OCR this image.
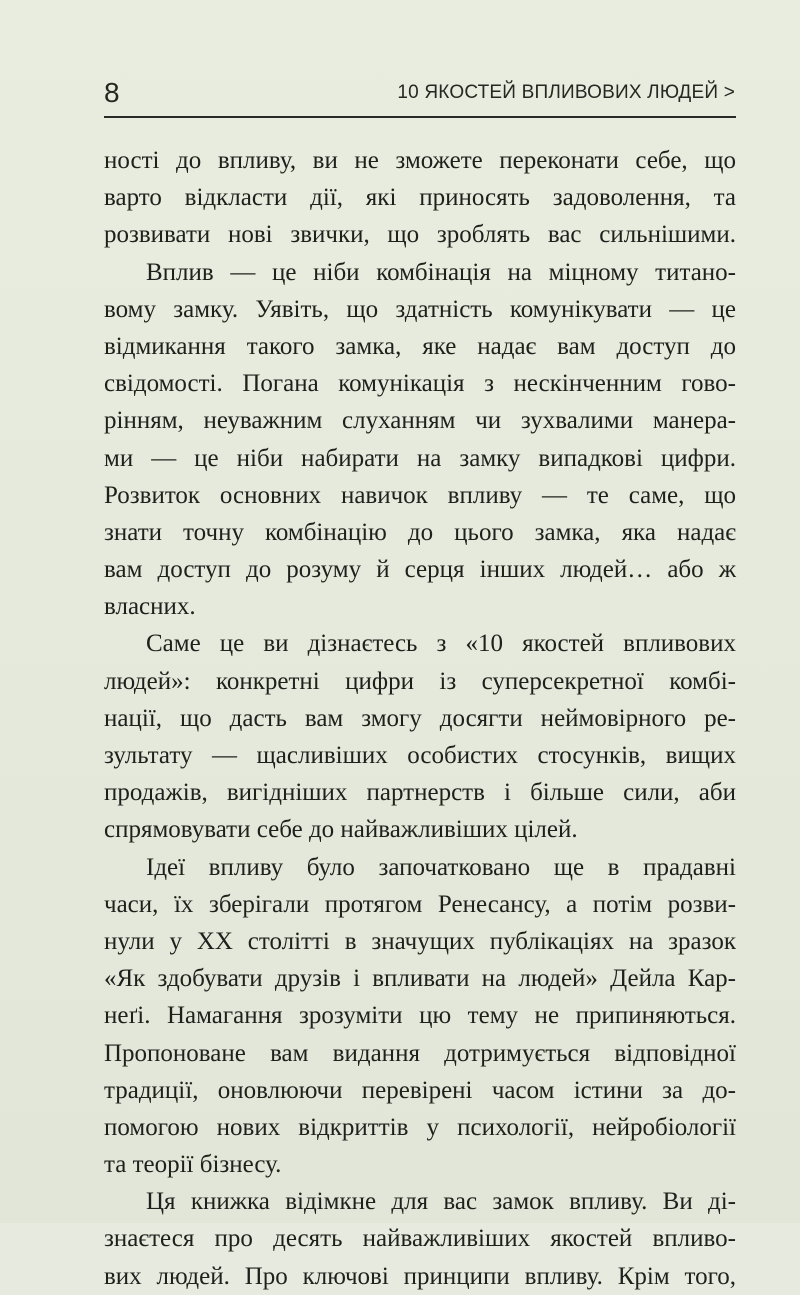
8	10 ЯКОСТЕЙ ВПЛИВОВИХ ЛЮДЕЙ >
ності до впливу, ви не зможете переконати себе, що
варто відкласти дії, які приносять задоволення, та
розвивати нові звички, що зроблять вас сильнішими.
Вплив — це ніби комбінація на міцному титано-
вому замку. Уявіть, що здатність комунікувати — це
відмикання такого замка, яке надає вам доступ до
свідомості. Погана комунікація з нескінченним гово-
рінням, неуважним слуханням чи зухвалими манера-
ми — це ніби набирати на замку випадкові цифри.
Розвиток основних навичок впливу — те саме, що
знати точну комбінацію до цього замка, яка надає
вам доступ до розуму й серця інших людей… або ж
власних.
Саме це ви дізнаєтесь з «10 якостей впливових
людей»: конкретні цифри із суперсекретної комбі-
нації, що дасть вам змогу досягти неймовірного ре-
зультату — щасливіших особистих стосунків, вищих
продажів, вигідніших партнерств і більше сили, аби
спрямовувати себе до найважливіших цілей.
Ідеї впливу було започатковано ще в прадавні
часи, їх зберігали протягом Ренесансу, а потім розви-
нули у XX столітті в значущих публікаціях на зразок
«Як здобувати друзів і впливати на людей» Дейла Кар-
неґі. Намагання зрозуміти цю тему не припиняються.
Пропоноване вам видання дотримується відповідної
традиції, оновлюючи перевірені часом істини за до-
помогою нових відкриттів у психології, нейробіології
та теорії бізнесу.
Ця книжка відімкне для вас замок впливу. Ви ді-
знаєтеся про десять найважливіших якостей впливо-
вих людей. Про ключові принципи впливу. Крім того,
